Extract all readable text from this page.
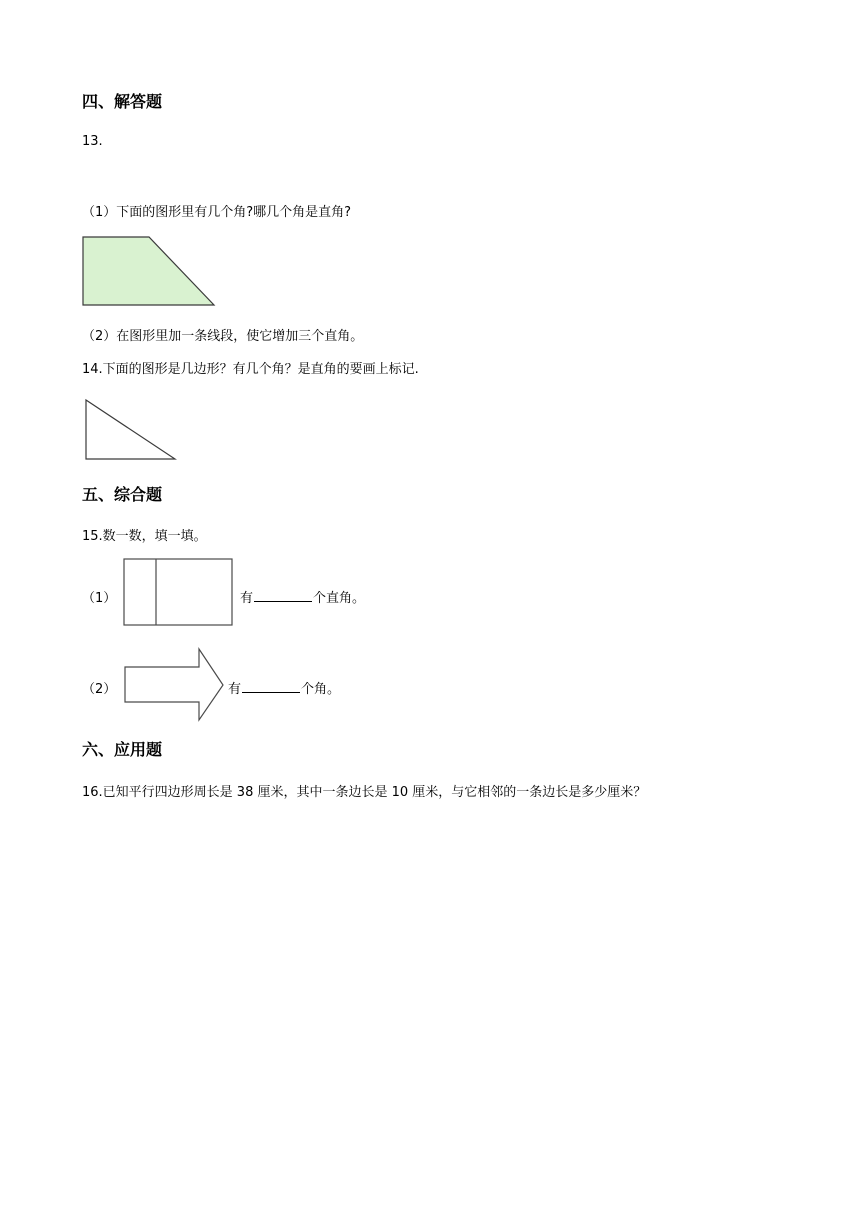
四、解答题
13.
（1）下面的图形里有几个角?哪几个角是直角?
（2）在图形里加一条线段，使它增加三个直角。
14.下面的图形是几边形？有几个角？是直角的要画上标记.
五、综合题
15.数一数，填一填。
（1）	有	个直角。
（2）	有	个角。
六、应用题
16.已知平行四边形周长是 38 厘米，其中一条边长是 10 厘米，与它相邻的一条边长是多少厘米？
